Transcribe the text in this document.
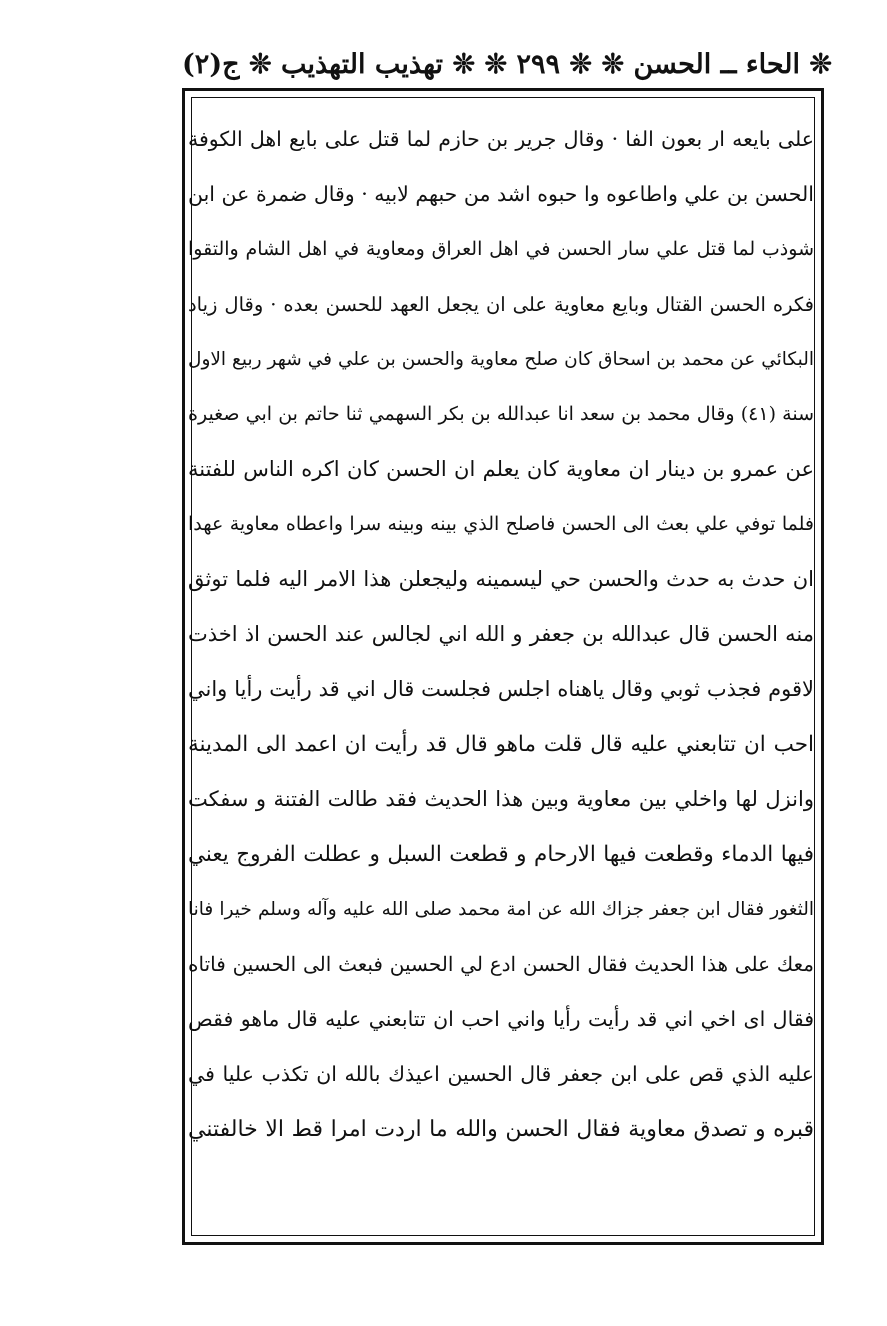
ج(٢) ❊ تهذيب التهذيب ❊ ❊ ٢٩٩ ❊ ❊ الحاء ــ الحسن ❊
على بايعه ار بعون الفا · وقال جرير بن حازم لما قتل على بايع اهل الكوفة
الحسن بن علي واطاعوه وا حبوه اشد من حبهم لابيه · وقال ضمرة عن ابن
شوذب لما قتل علي سار الحسن في اهل العراق ومعاوية في اهل الشام والتقوا
فكره الحسن القتال وبايع معاوية على ان يجعل العهد للحسن بعده · وقال زياد
البكائي عن محمد بن اسحاق كان صلح معاوية والحسن بن علي في شهر ربيع الاول
سنة (٤١) وقال محمد بن سعد انا عبدالله بن بكر السهمي ثنا حاتم بن ابي صغيرة
عن عمرو بن دينار ان معاوية كان يعلم ان الحسن كان اكره الناس للفتنة
فلما توفي علي بعث الى الحسن فاصلح الذي بينه وبينه سرا واعطاه معاوية عهدا
ان حدث به حدث والحسن حي ليسمينه وليجعلن هذا الامر اليه فلما توثق
منه الحسن قال عبدالله بن جعفر و الله اني لجالس عند الحسن اذ اخذت
لاقوم فجذب ثوبي وقال ياهناه اجلس فجلست قال اني قد رأيت رأيا واني
احب ان تتابعني عليه قال قلت ماهو قال قد رأيت ان اعمد الى المدينة
وانزل لها واخلي بين معاوية وبين هذا الحديث فقد طالت الفتنة و سفكت
فيها الدماء وقطعت فيها الارحام و قطعت السبل و عطلت الفروج يعني
الثغور فقال ابن جعفر جزاك الله عن امة محمد صلى الله عليه وآله وسلم خيرا فانا
معك على هذا الحديث فقال الحسن ادع لي الحسين فبعث الى الحسين فاتاه
فقال اى اخي اني قد رأيت رأيا واني احب ان تتابعني عليه قال ماهو فقص
عليه الذي قص على ابن جعفر قال الحسين اعيذك بالله ان تكذب عليا في
قبره و تصدق معاوية فقال الحسن والله ما اردت امرا قط الا خالفتني
